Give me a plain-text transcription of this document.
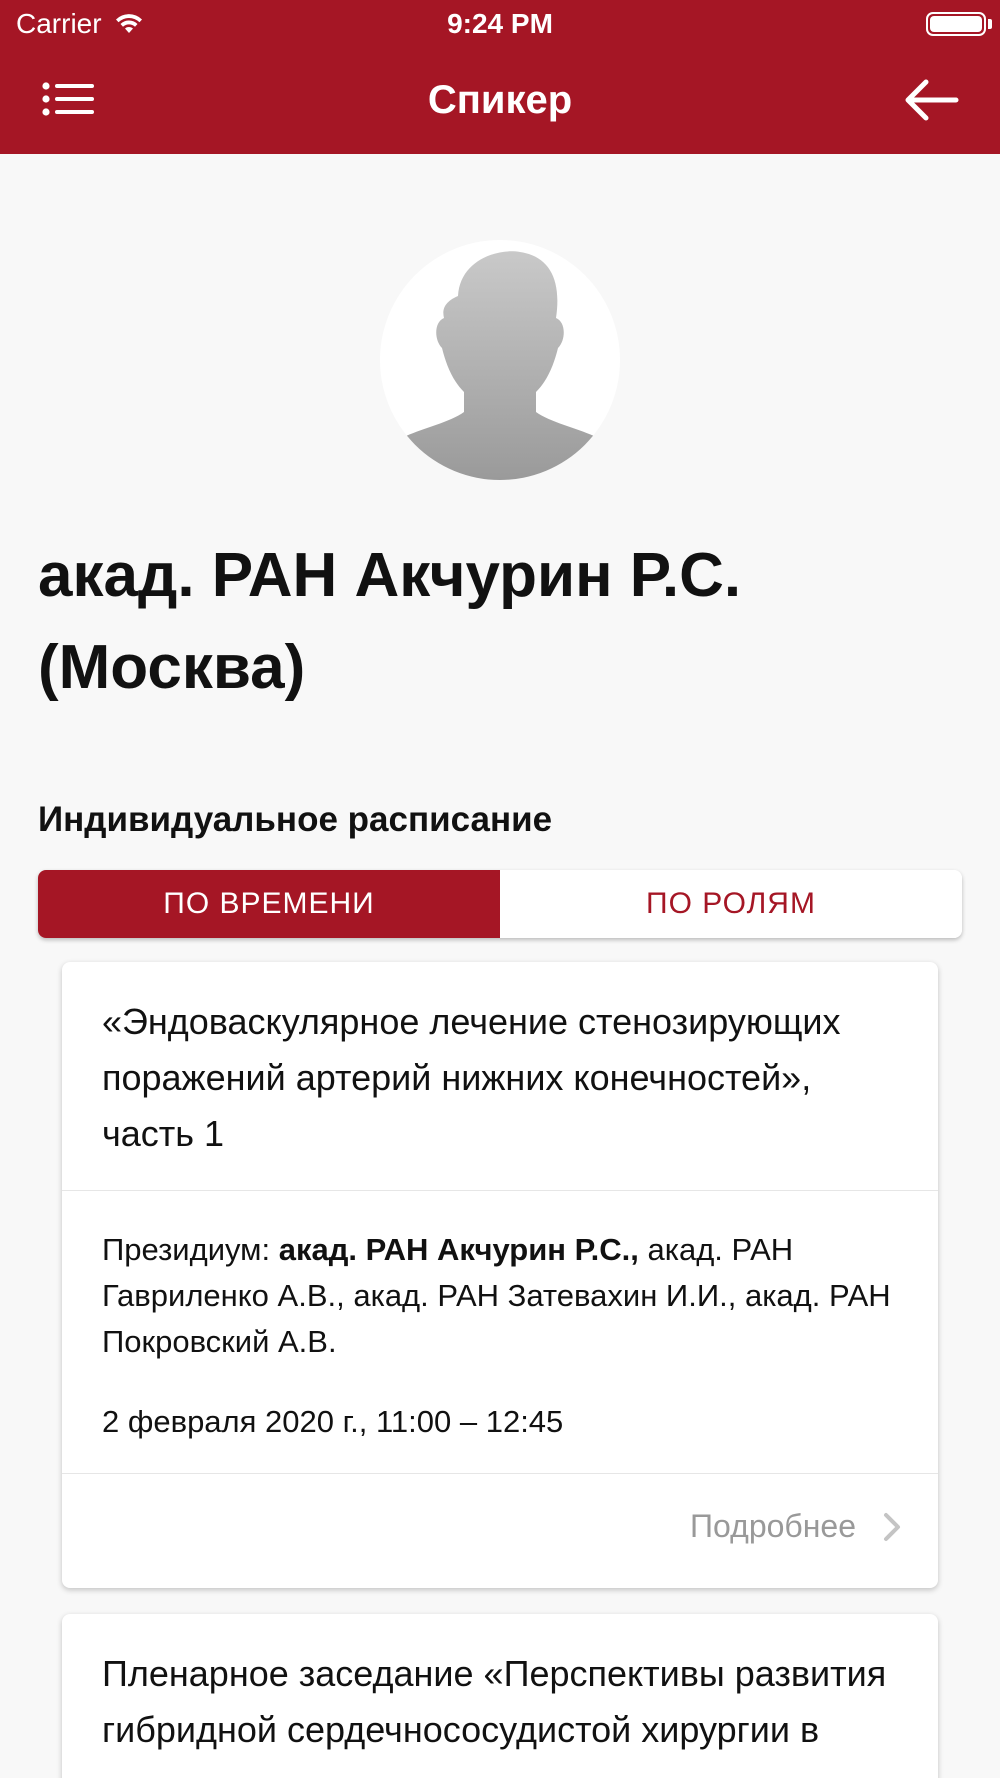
Carrier	9:24 PM
Спикер
акад. РАН Акчурин Р.С.
(Москва)
Индивидуальное расписание
ПО ВРЕМЕНИ	ПО РОЛЯМ
«Эндоваскулярное лечение стенозирующих поражений артерий нижних конечностей», часть 1
Президиум: акад. РАН Акчурин Р.С., акад. РАН Гавриленко А.В., акад. РАН Затевахин И.И., акад. РАН Покровский А.В.
2 февраля 2020 г., 11:00 – 12:45
Подробнее
Пленарное заседание «Перспективы развития гибридной сердечнососудистой хирургии в
